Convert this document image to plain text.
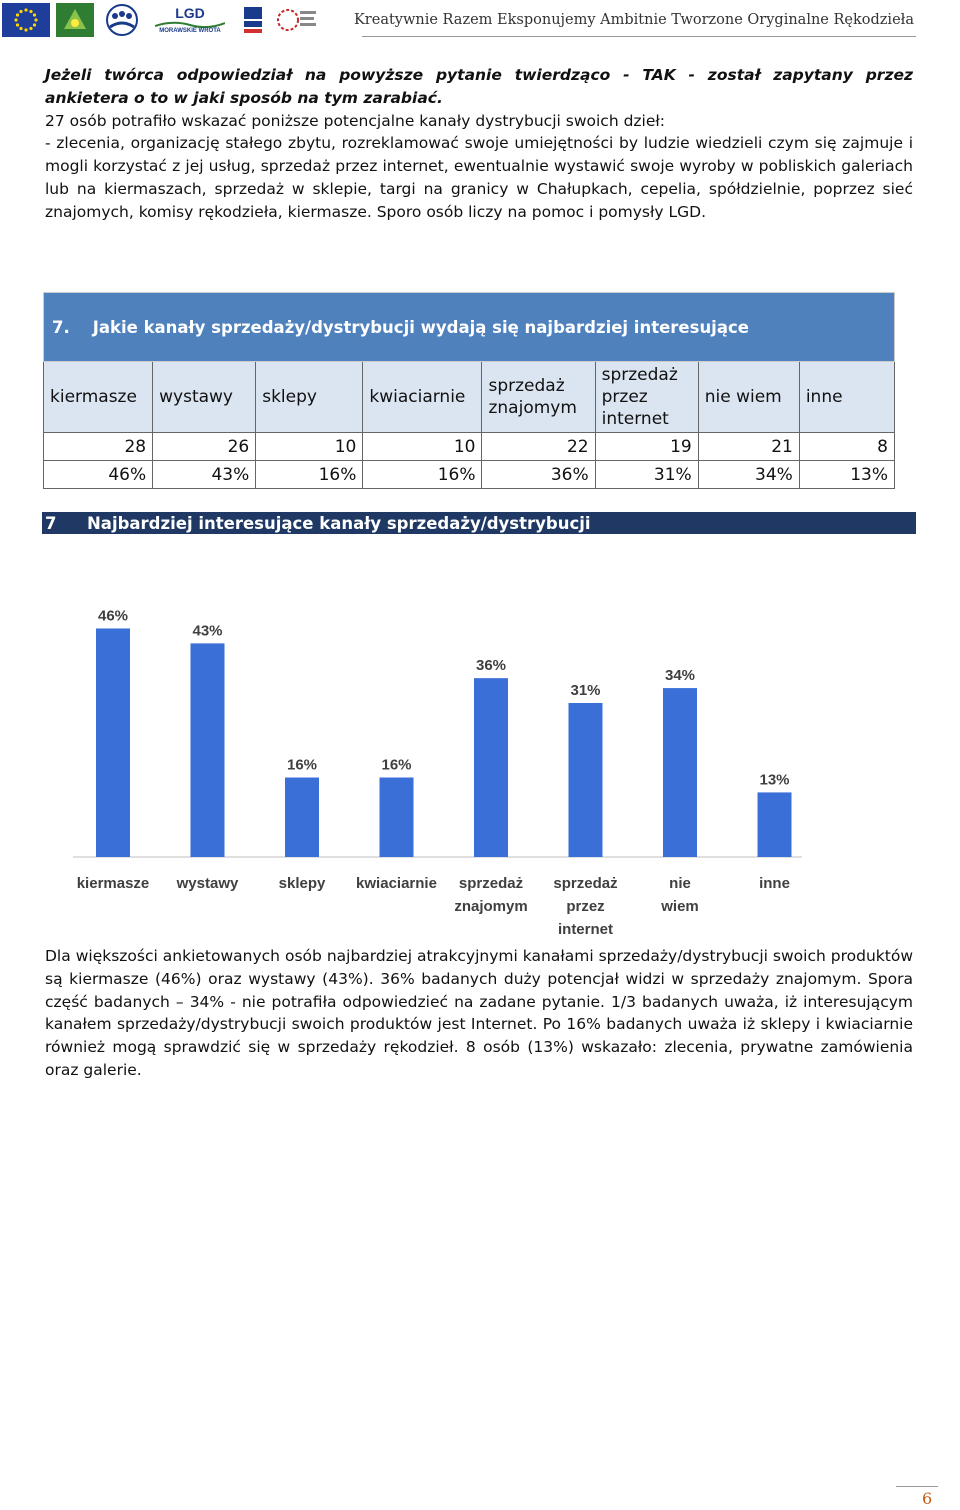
LGD
MORAWSKIE WROTA
Kreatywnie Razem Eksponujemy Ambitnie Tworzone Oryginalne Rękodzieła

Jeżeli twórca odpowiedział na powyższe pytanie twierdząco - TAK - został zapytany przez ankietera o to w jaki sposób na tym zarabiać.

27 osób potrafiło wskazać poniższe potencjalne kanały dystrybucji swoich dzieł:

- zlecenia, organizację stałego zbytu, rozreklamować swoje umiejętności by ludzie wiedzieli czym się zajmuje i mogli korzystać z jej usług, sprzedaż przez internet, ewentualnie wystawić swoje wyroby w pobliskich galeriach lub na kiermaszach, sprzedaż w sklepie, targi na granicy w Chałupkach, cepelia, spółdzielnie, poprzez sieć znajomych, komisy rękodzieła, kiermasze. Sporo osób liczy na pomoc i pomysły LGD.

7. Jakie kanały sprzedaży/dystrybucji wydają się najbardziej interesujące							
kiermasze	wystawy	sklepy	kwiaciarnie	sprzedaż znajomym	sprzedaż przez internet	nie wiem	inne
28	26	10	10	22	19	21	8
46%	43%	16%	16%	36%	31%	34%	13%
7 Najbardziej interesujące kanały sprzedaży/dystrybucji
46%
kiermasze
43%
wystawy
16%
sklepy
16%
kwiaciarnie
36%
sprzedaż znajomym
31%
sprzedaż przez internet
34%
nie wiem
13%
inne

Dla większości ankietowanych osób najbardziej atrakcyjnymi kanałami sprzedaży/dystrybucji swoich produktów są kiermasze (46%) oraz wystawy (43%). 36% badanych duży potencjał widzi w sprzedaży znajomym. Spora część badanych – 34% - nie potrafiła odpowiedzieć na zadane pytanie. 1/3 badanych uważa, iż interesującym kanałem sprzedaży/dystrybucji swoich produktów jest Internet. Po 16% badanych uważa iż sklepy i kwiaciarnie również mogą sprawdzić się w sprzedaży rękodzieł. 8 osób (13%) wskazało: zlecenia, prywatne zamówienia oraz galerie.

6
